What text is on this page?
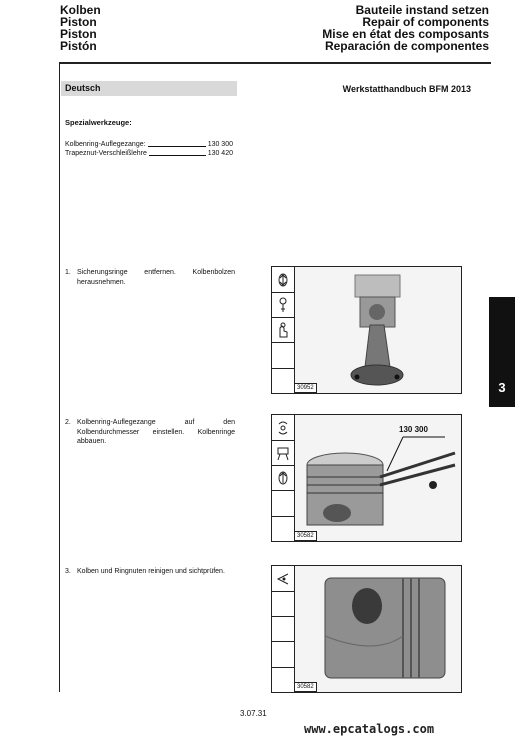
Kolben
Piston
Piston
Pistón
Bauteile instand setzen
Repair of components
Mise en état des composants
Reparación de componentes
Deutsch	Werkstatthandbuch BFM 2013
Spezialwerkzeuge:
Kolbenring-Auflegezange:	130 300
Trapeznut-Verschleißlehre	130 420
1. Sicherungsringe entfernen. Kolbenbolzen herausnehmen.
30952
2. Kolbenring-Auflegezange auf den Kolbendurchmesser einstellen. Kolbenringe abbauen.
130 300
30582
3. Kolben und Ringnuten reinigen und sichtprüfen.
30582
3
3.07.31
www.epcatalogs.com
